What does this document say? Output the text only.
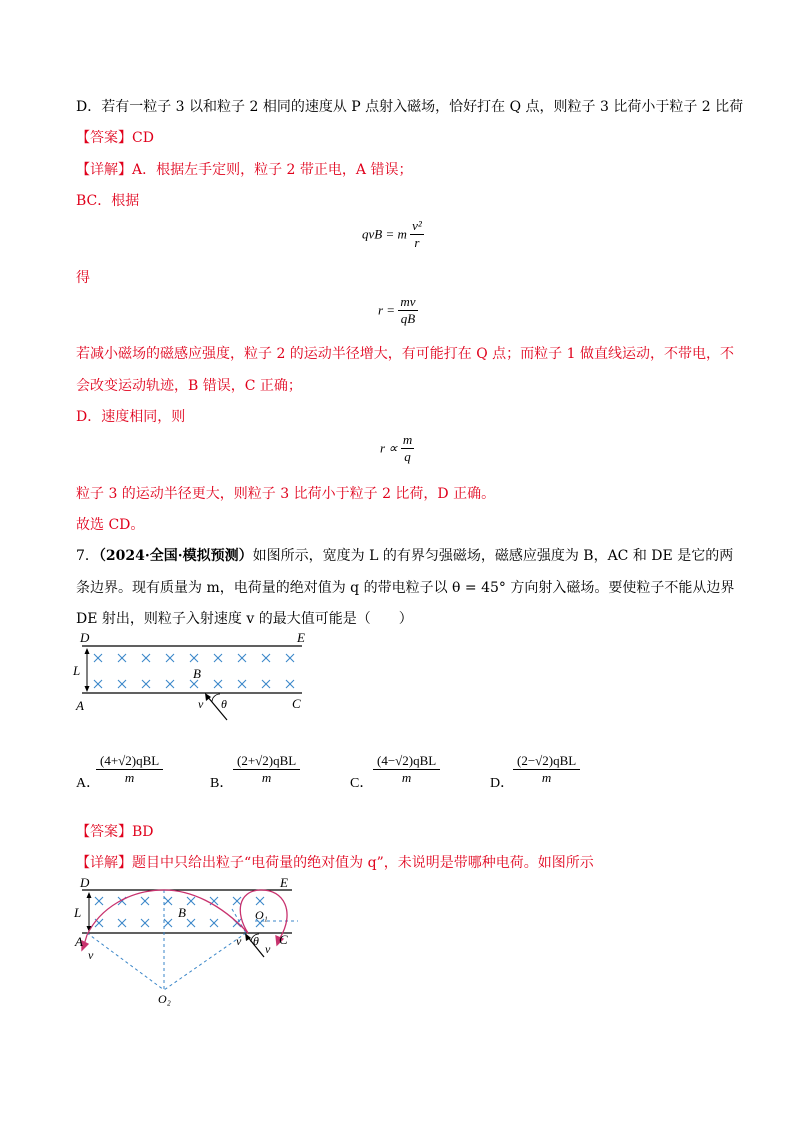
D．若有一粒子 3 以和粒子 2 相同的速度从 P 点射入磁场，恰好打在 Q 点，则粒子 3 比荷小于粒子 2 比荷
【答案】CD
【详解】A．根据左手定则，粒子 2 带正电，A 错误；
BC．根据
qvB = m $\frac{\text{v²}}{r}$
得
$r = \frac{mv}{qB}$
若减小磁场的磁感应强度，粒子 2 的运动半径增大，有可能打在 Q 点；而粒子 1 做直线运动，不带电，不
会改变运动轨迹，B 错误，C 正确；
D．速度相同，则
$r \propto \frac{m}{q}$
粒子 3 的运动半径更大，则粒子 3 比荷小于粒子 2 比荷，D 正确。
故选 CD。
7．（2024·全国·模拟预测）如图所示，宽度为 L 的有界匀强磁场，磁感应强度为 B，AC 和 DE 是它的两
条边界。现有质量为 m，电荷量的绝对值为 q 的带电粒子以 θ = 45° 方向射入磁场。要使粒子不能从边界
DE 射出，则粒子入射速度 v 的最大值可能是（　　）
D	E
L	B
A	C
v θ
A．
$\frac{\text{(4+√2)qBL}}{m}$	B． $\frac{\text{(2+√2)qBL}}{m}$	C． $\frac{\text{(4−√2)qBL}}{m}$	D．
$\frac{\text{(2−√2)qBL}}{m}$
【答案】BD
【详解】题目中只给出粒子“电荷量的绝对值为 q”，未说明是带哪种电荷。如图所示
D	E
L	B
A	C
v
v
v
θ
O₁
O₂
